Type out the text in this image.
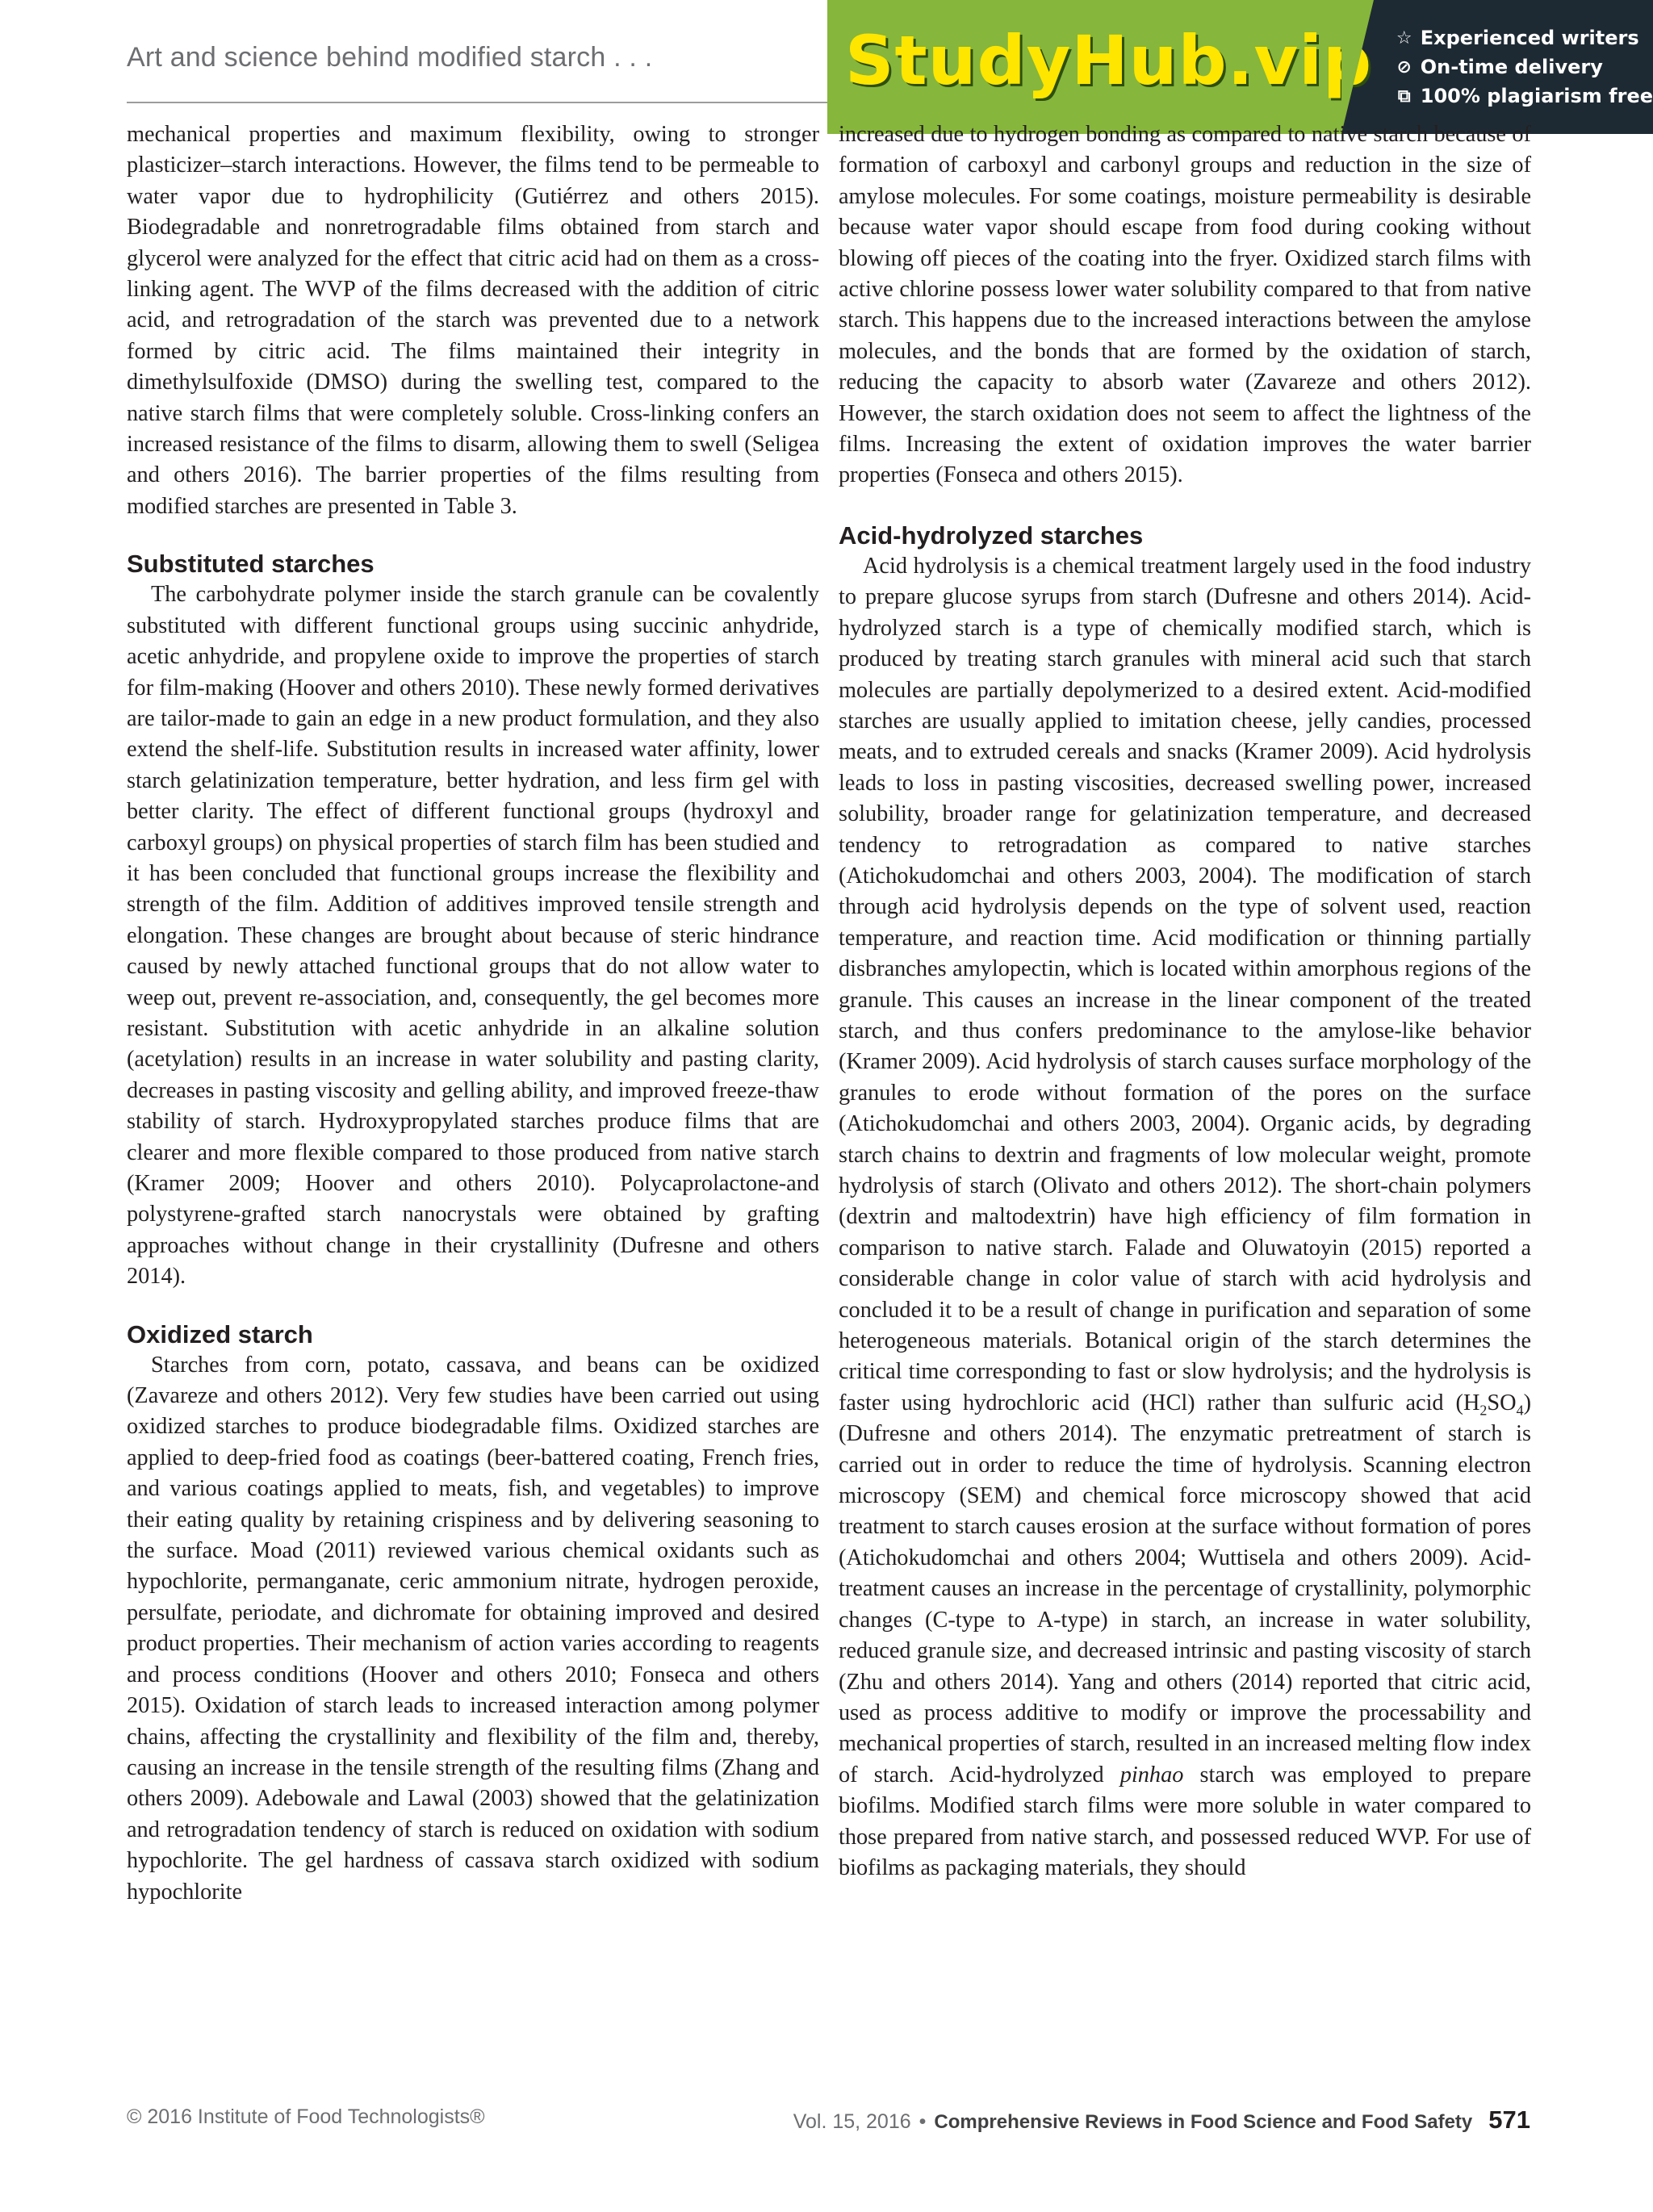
Art and science behind modified starch . . .	StudyHub.vip ☆ Experienced writers
⊘ On-time delivery
⧉ 100% plagiarism free

mechanical properties and maximum flexibility, owing to stronger plasticizer–starch interactions. However, the films tend to be permeable to water vapor due to hydrophilicity (Gutiérrez and others 2015). Biodegradable and nonretrogradable films obtained from starch and glycerol were analyzed for the effect that citric acid had on them as a cross-linking agent. The WVP of the films decreased with the addition of citric acid, and retrogradation of the starch was prevented due to a network formed by citric acid. The films maintained their integrity in dimethylsulfoxide (DMSO) during the swelling test, compared to the native starch films that were completely soluble. Cross-linking confers an increased resistance of the films to disarm, allowing them to swell (Seligea and others 2016). The barrier properties of the films resulting from modified starches are presented in Table 3.

Substituted starches

The carbohydrate polymer inside the starch granule can be covalently substituted with different functional groups using succinic anhydride, acetic anhydride, and propylene oxide to improve the properties of starch for film-making (Hoover and others 2010). These newly formed derivatives are tailor-made to gain an edge in a new product formulation, and they also extend the shelf-life. Substitution results in increased water affinity, lower starch gelatinization temperature, better hydration, and less firm gel with better clarity. The effect of different functional groups (hydroxyl and carboxyl groups) on physical properties of starch film has been studied and it has been concluded that functional groups increase the flexibility and strength of the film. Addition of additives improved tensile strength and elongation. These changes are brought about because of steric hindrance caused by newly attached functional groups that do not allow water to weep out, prevent re-association, and, consequently, the gel becomes more resistant. Substitution with acetic anhydride in an alkaline solution (acetylation) results in an increase in water solubility and pasting clarity, decreases in pasting viscosity and gelling ability, and improved freeze-thaw stability of starch. Hydroxypropylated starches produce films that are clearer and more flexible compared to those produced from native starch (Kramer 2009; Hoover and others 2010). Polycaprolactone-and polystyrene-grafted starch nanocrystals were obtained by grafting approaches without change in their crystallinity (Dufresne and others 2014).

Oxidized starch

Starches from corn, potato, cassava, and beans can be oxidized (Zavareze and others 2012). Very few studies have been carried out using oxidized starches to produce biodegradable films. Oxidized starches are applied to deep-fried food as coatings (beer-battered coating, French fries, and various coatings applied to meats, fish, and vegetables) to improve their eating quality by retaining crispiness and by delivering seasoning to the surface. Moad (2011) reviewed various chemical oxidants such as hypochlorite, permanganate, ceric ammonium nitrate, hydrogen peroxide, persulfate, periodate, and dichromate for obtaining improved and desired product properties. Their mechanism of action varies according to reagents and process conditions (Hoover and others 2010; Fonseca and others 2015). Oxidation of starch leads to increased interaction among polymer chains, affecting the crystallinity and flexibility of the film and, thereby, causing an increase in the tensile strength of the resulting films (Zhang and others 2009). Adebowale and Lawal (2003) showed that the gelatinization and retrogradation tendency of starch is reduced on oxidation with sodium hypochlorite. The gel hardness of cassava starch oxidized with sodium hypochlorite

increased due to hydrogen bonding as compared to native starch because of formation of carboxyl and carbonyl groups and reduction in the size of amylose molecules. For some coatings, moisture permeability is desirable because water vapor should escape from food during cooking without blowing off pieces of the coating into the fryer. Oxidized starch films with active chlorine possess lower water solubility compared to that from native starch. This happens due to the increased interactions between the amylose molecules, and the bonds that are formed by the oxidation of starch, reducing the capacity to absorb water (Zavareze and others 2012). However, the starch oxidation does not seem to affect the lightness of the films. Increasing the extent of oxidation improves the water barrier properties (Fonseca and others 2015).

Acid-hydrolyzed starches

Acid hydrolysis is a chemical treatment largely used in the food industry to prepare glucose syrups from starch (Dufresne and others 2014). Acid-hydrolyzed starch is a type of chemically modified starch, which is produced by treating starch granules with mineral acid such that starch molecules are partially depolymerized to a desired extent. Acid-modified starches are usually applied to imitation cheese, jelly candies, processed meats, and to extruded cereals and snacks (Kramer 2009). Acid hydrolysis leads to loss in pasting viscosities, decreased swelling power, increased solubility, broader range for gelatinization temperature, and decreased tendency to retrogradation as compared to native starches (Atichokudomchai and others 2003, 2004). The modification of starch through acid hydrolysis depends on the type of solvent used, reaction temperature, and reaction time. Acid modification or thinning partially disbranches amylopectin, which is located within amorphous regions of the granule. This causes an increase in the linear component of the treated starch, and thus confers predominance to the amylose-like behavior (Kramer 2009). Acid hydrolysis of starch causes surface morphology of the granules to erode without formation of the pores on the surface (Atichokudomchai and others 2003, 2004). Organic acids, by degrading starch chains to dextrin and fragments of low molecular weight, promote hydrolysis of starch (Olivato and others 2012). The short-chain polymers (dextrin and maltodextrin) have high efficiency of film formation in comparison to native starch. Falade and Oluwatoyin (2015) reported a considerable change in color value of starch with acid hydrolysis and concluded it to be a result of change in purification and separation of some heterogeneous materials. Botanical origin of the starch determines the critical time corresponding to fast or slow hydrolysis; and the hydrolysis is faster using hydrochloric acid (HCl) rather than sulfuric acid $(H_2SO_4)$ (Dufresne and others 2014). The enzymatic pretreatment of starch is carried out in order to reduce the time of hydrolysis. Scanning electron microscopy (SEM) and chemical force microscopy showed that acid treatment to starch causes erosion at the surface without formation of pores (Atichokudomchai and others 2004; Wuttisela and others 2009). Acid-treatment causes an increase in the percentage of crystallinity, polymorphic changes (C-type to A-type) in starch, an increase in water solubility, reduced granule size, and decreased intrinsic and pasting viscosity of starch (Zhu and others 2014). Yang and others (2014) reported that citric acid, used as process additive to modify or improve the processability and mechanical properties of starch, resulted in an increased melting flow index of starch. Acid-hydrolyzed pinhao starch was employed to prepare biofilms. Modified starch films were more soluble in water compared to those prepared from native starch, and possessed reduced WVP. For use of biofilms as packaging materials, they should

© 2016 Institute of Food Technologists®	Vol. 15, 2016 • Comprehensive Reviews in Food Science and Food Safety 571
